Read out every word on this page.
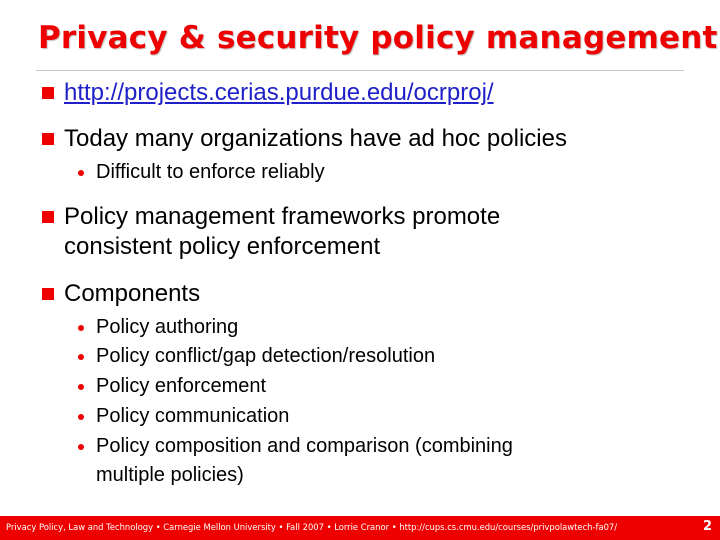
Privacy & security policy management
http://projects.cerias.purdue.edu/ocrproj/
Today many organizations have ad hoc policies
Difficult to enforce reliably
Policy management frameworks promote
consistent policy enforcement
Components
Policy authoring
Policy conflict/gap detection/resolution
Policy enforcement
Policy communication
Policy composition and comparison (combining
multiple policies)
Privacy Policy, Law and Technology • Carnegie Mellon University • Fall 2007 • Lorrie Cranor • http://cups.cs.cmu.edu/courses/privpolawtech-fa07/	2
